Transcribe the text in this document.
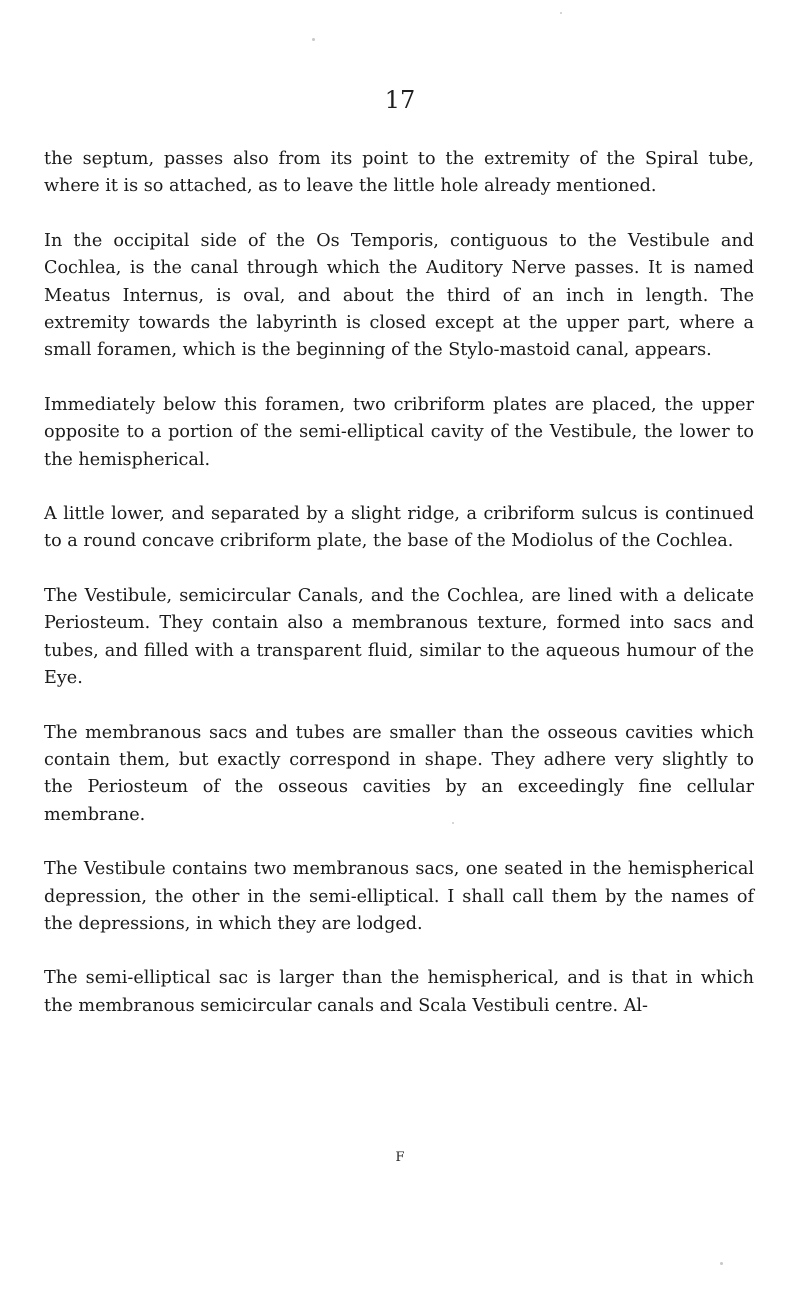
17

the septum, passes also from its point to the extremity of the Spiral tube, where it is so attached, as to leave the little hole already mentioned.

In the occipital side of the Os Temporis, contiguous to the Vestibule and Cochlea, is the canal through which the Auditory Nerve passes. It is named Meatus Internus, is oval, and about the third of an inch in length. The extremity towards the labyrinth is closed except at the upper part, where a small foramen, which is the beginning of the Stylo-mastoid canal, appears.

Immediately below this foramen, two cribriform plates are placed, the upper opposite to a portion of the semi-elliptical cavity of the Vestibule, the lower to the hemispherical.

A little lower, and separated by a slight ridge, a cribriform sulcus is continued to a round concave cribriform plate, the base of the Modiolus of the Cochlea.

The Vestibule, semicircular Canals, and the Cochlea, are lined with a delicate Periosteum. They contain also a membranous texture, formed into sacs and tubes, and filled with a transparent fluid, similar to the aqueous humour of the Eye.

The membranous sacs and tubes are smaller than the osseous cavities which contain them, but exactly correspond in shape. They adhere very slightly to the Periosteum of the osseous cavities by an exceedingly fine cellular membrane.

The Vestibule contains two membranous sacs, one seated in the hemispherical depression, the other in the semi-elliptical. I shall call them by the names of the depressions, in which they are lodged.

The semi-elliptical sac is larger than the hemispherical, and is that in which the membranous semicircular canals and Scala Vestibuli centre. Al-

F
